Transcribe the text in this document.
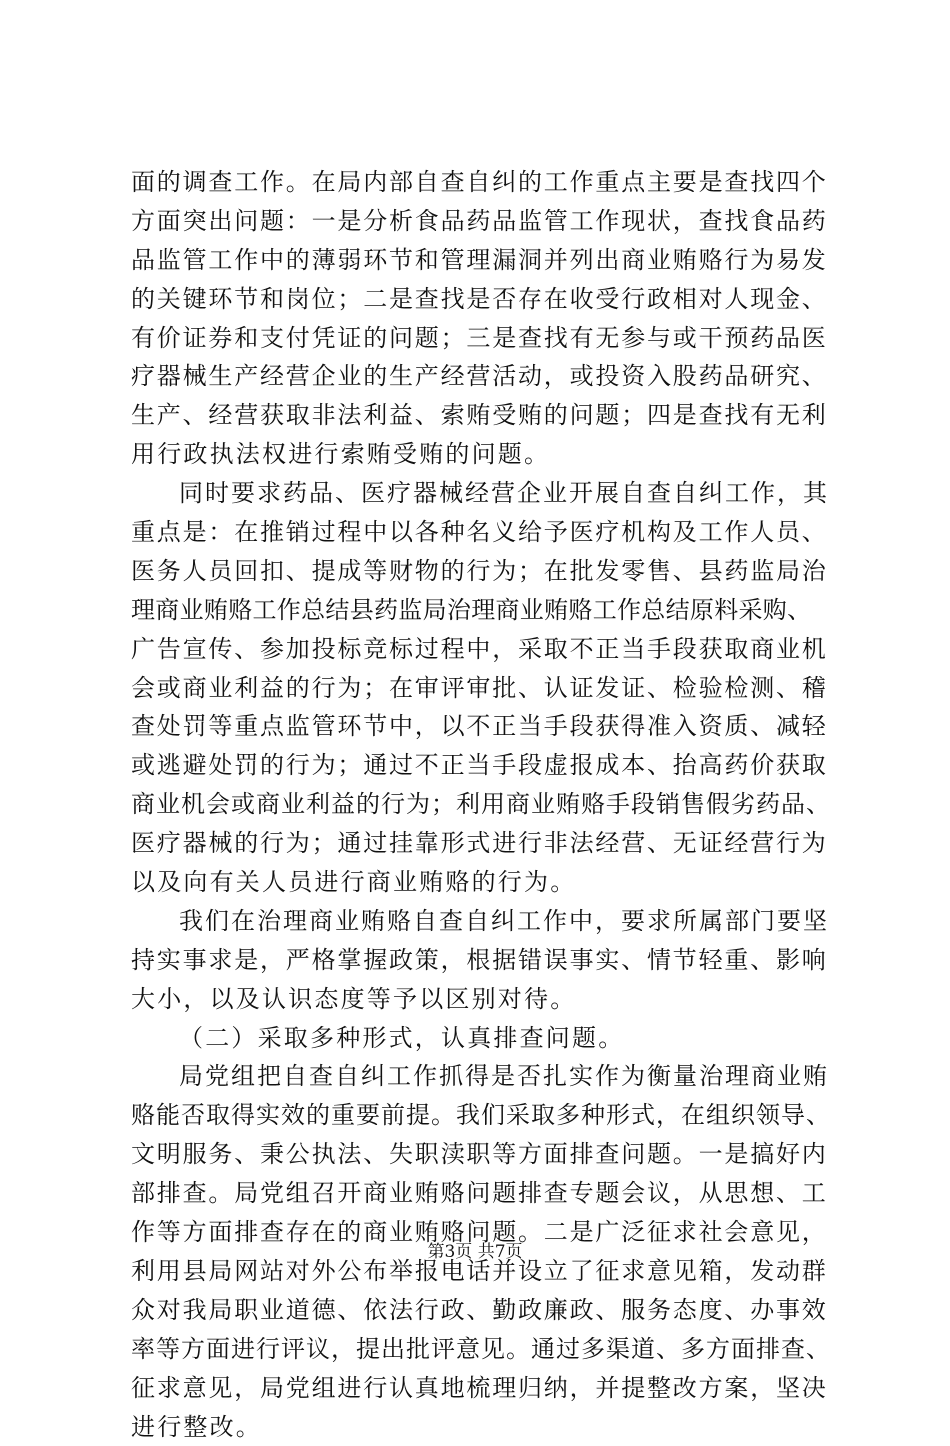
面的调查工作。在局内部自查自纠的工作重点主要是查找四个
方面突出问题：一是分析食品药品监管工作现状，查找食品药
品监管工作中的薄弱环节和管理漏洞并列出商业贿赂行为易发
的关键环节和岗位；二是查找是否存在收受行政相对人现金、
有价证券和支付凭证的问题；三是查找有无参与或干预药品医
疗器械生产经营企业的生产经营活动，或投资入股药品研究、
生产、经营获取非法利益、索贿受贿的问题；四是查找有无利
用行政执法权进行索贿受贿的问题。
同时要求药品、医疗器械经营企业开展自查自纠工作，其
重点是：在推销过程中以各种名义给予医疗机构及工作人员、
医务人员回扣、提成等财物的行为；在批发零售、县药监局治
理商业贿赂工作总结县药监局治理商业贿赂工作总结原料采购、
广告宣传、参加投标竞标过程中，采取不正当手段获取商业机
会或商业利益的行为；在审评审批、认证发证、检验检测、稽
查处罚等重点监管环节中，以不正当手段获得准入资质、减轻
或逃避处罚的行为；通过不正当手段虚报成本、抬高药价获取
商业机会或商业利益的行为；利用商业贿赂手段销售假劣药品、
医疗器械的行为；通过挂靠形式进行非法经营、无证经营行为
以及向有关人员进行商业贿赂的行为。
我们在治理商业贿赂自查自纠工作中，要求所属部门要坚
持实事求是，严格掌握政策，根据错误事实、情节轻重、影响
大小，以及认识态度等予以区别对待。
（二）采取多种形式，认真排查问题。
局党组把自查自纠工作抓得是否扎实作为衡量治理商业贿
赂能否取得实效的重要前提。我们采取多种形式，在组织领导、
文明服务、秉公执法、失职渎职等方面排查问题。一是搞好内
部排查。局党组召开商业贿赂问题排查专题会议，从思想、工
作等方面排查存在的商业贿赂问题。二是广泛征求社会意见，
利用县局网站对外公布举报电话并设立了征求意见箱，发动群
众对我局职业道德、依法行政、勤政廉政、服务态度、办事效
率等方面进行评议，提出批评意见。通过多渠道、多方面排查、
征求意见，局党组进行认真地梳理归纳，并提整改方案，坚决
进行整改。
第3页 共7页
